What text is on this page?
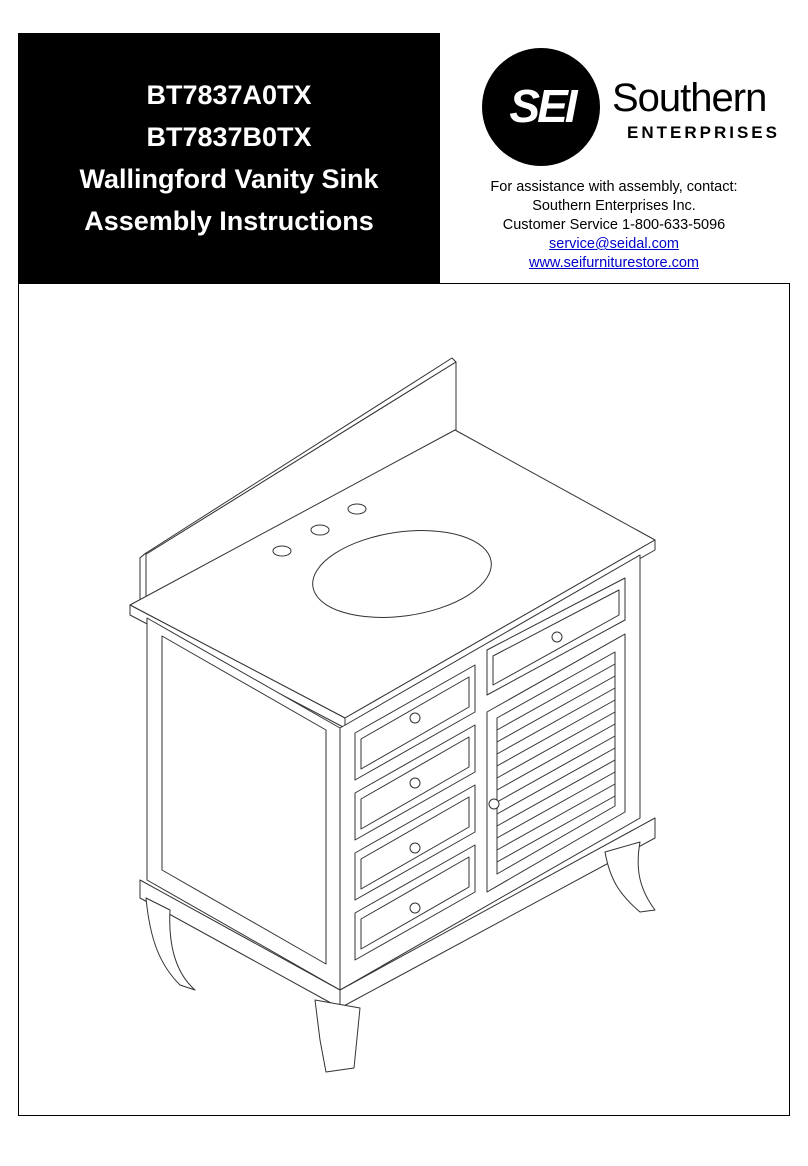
BT7837A0TX
BT7837B0TX
Wallingford Vanity Sink
Assembly Instructions
SEI Southern
ENTERPRISES
For assistance with assembly, contact:
Southern Enterprises Inc.
Customer Service 1-800-633-5096
service@seidal.com
www.seifurniturestore.com
